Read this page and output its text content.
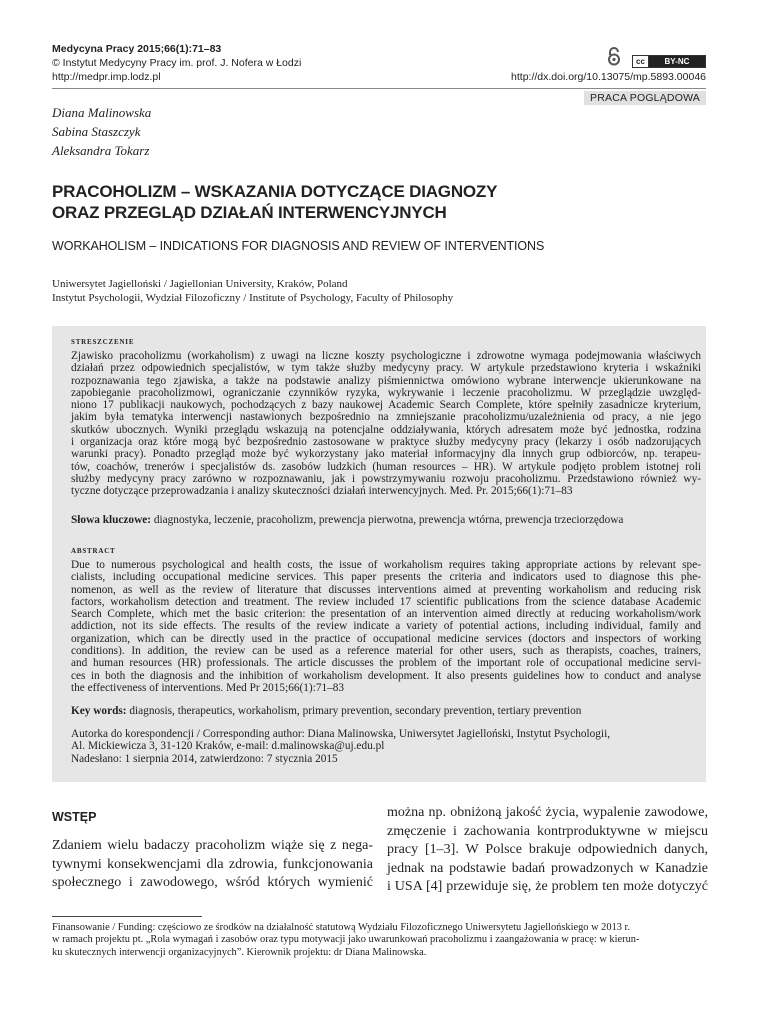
Medycyna Pracy 2015;66(1):71–83
© Instytut Medycyny Pracy im. prof. J. Nofera w Łodzi
http://medpr.imp.lodz.pl
cc	BY-NC
http://dx.doi.org/10.13075/mp.5893.00046
PRACA POGLĄDOWA
Diana Malinowska
Sabina Staszczyk
Aleksandra Tokarz
PRACOHOLIZM – WSKAZANIA DOTYCZĄCE DIAGNOZY
ORAZ PRZEGLĄD DZIAŁAŃ INTERWENCYJNYCH
WORKAHOLISM – INDICATIONS FOR DIAGNOSIS AND REVIEW OF INTERVENTIONS
Uniwersytet Jagielloński / Jagiellonian University, Kraków, Poland
Instytut Psychologii, Wydział Filozoficzny / Institute of Psychology, Faculty of Philosophy
streszczenie
Zjawisko pracoholizmu (workaholism) z uwagi na liczne koszty psychologiczne i zdrowotne wymaga podejmowania właściwych
działań przez odpowiednich specjalistów, w tym także służby medycyny pracy. W artykule przedstawiono kryteria i wskaźniki
rozpoznawania tego zjawiska, a także na podstawie analizy piśmiennictwa omówiono wybrane interwencje ukierunkowane na
zapobieganie pracoholizmowi, ograniczanie czynników ryzyka, wykrywanie i leczenie pracoholizmu. W przeglądzie uwzględ-
niono 17 publikacji naukowych, pochodzących z bazy naukowej Academic Search Complete, które spełniły zasadnicze kryterium,
jakim była tematyka interwencji nastawionych bezpośrednio na zmniejszanie pracoholizmu/uzależnienia od pracy, a nie jego
skutków ubocznych. Wyniki przeglądu wskazują na potencjalne oddziaływania, których adresatem może być jednostka, rodzina
i organizacja oraz które mogą być bezpośrednio zastosowane w praktyce służby medycyny pracy (lekarzy i osób nadzorujących
warunki pracy). Ponadto przegląd może być wykorzystany jako materiał informacyjny dla innych grup odbiorców, np. terapeu-
tów, coachów, trenerów i specjalistów ds. zasobów ludzkich (human resources – HR). W artykule podjęto problem istotnej roli
służby medycyny pracy zarówno w rozpoznawaniu, jak i powstrzymywaniu rozwoju pracoholizmu. Przedstawiono również wy-
tyczne dotyczące przeprowadzania i analizy skuteczności działań interwencyjnych. Med. Pr. 2015;66(1):71–83
Słowa kluczowe: diagnostyka, leczenie, pracoholizm, prewencja pierwotna, prewencja wtórna, prewencja trzeciorzędowa
abstract
Due to numerous psychological and health costs, the issue of workaholism requires taking appropriate actions by relevant spe-
cialists, including occupational medicine services. This paper presents the criteria and indicators used to diagnose this phe-
nomenon, as well as the review of literature that discusses interventions aimed at preventing workaholism and reducing risk
factors, workaholism detection and treatment. The review included 17 scientific publications from the science database Academic
Search Complete, which met the basic criterion: the presentation of an intervention aimed directly at reducing workaholism/work
addiction, not its side effects. The results of the review indicate a variety of potential actions, including individual, family and
organization, which can be directly used in the practice of occupational medicine services (doctors and inspectors of working
conditions). In addition, the review can be used as a reference material for other users, such as therapists, coaches, trainers,
and human resources (HR) professionals. The article discusses the problem of the important role of occupational medicine servi-
ces in both the diagnosis and the inhibition of workaholism development. It also presents guidelines how to conduct and analyse
the effectiveness of interventions. Med Pr 2015;66(1):71–83
Key words: diagnosis, therapeutics, workaholism, primary prevention, secondary prevention, tertiary prevention
Autorka do korespondencji / Corresponding author: Diana Malinowska, Uniwersytet Jagielloński, Instytut Psychologii,
Al. Mickiewicza 3, 31-120 Kraków, e-mail: d.malinowska@uj.edu.pl
Nadesłano: 1 sierpnia 2014, zatwierdzono: 7 stycznia 2015
WSTĘP
Zdaniem wielu badaczy pracoholizm wiąże się z nega-
tywnymi konsekwencjami dla zdrowia, funkcjonowania
społecznego i zawodowego, wśród których wymienić
można np. obniżoną jakość życia, wypalenie zawodowe,
zmęczenie i zachowania kontrproduktywne w miejscu
pracy [1–3]. W Polsce brakuje odpowiednich danych,
jednak na podstawie badań prowadzonych w Kanadzie
i USA [4] przewiduje się, że problem ten może dotyczyć
Finansowanie / Funding: częściowo ze środków na działalność statutową Wydziału Filozoficznego Uniwersytetu Jagiellońskiego w 2013 r.
w ramach projektu pt. „Rola wymagań i zasobów oraz typu motywacji jako uwarunkowań pracoholizmu i zaangażowania w pracę: w kierun-
ku skutecznych interwencji organizacyjnych”. Kierownik projektu: dr Diana Malinowska.
